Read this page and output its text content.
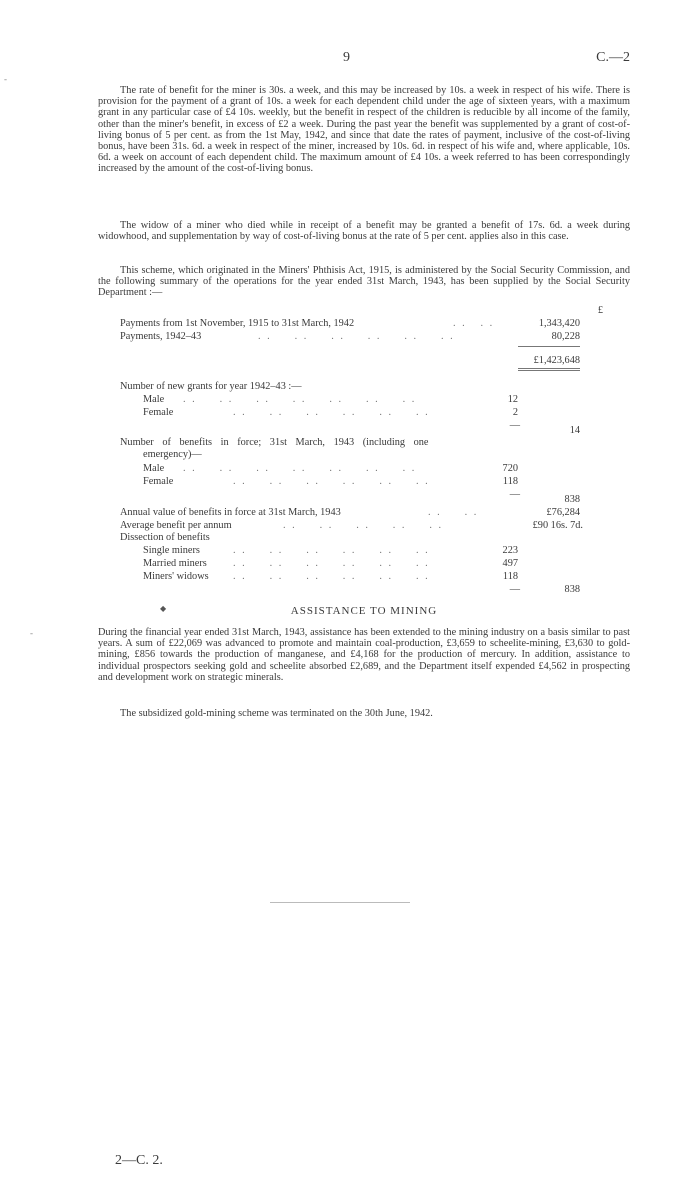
-
-
9	C.—2
The rate of benefit for the miner is 30s. a week, and this may be increased by 10s. a week in respect of his wife. There is provision for the payment of a grant of 10s. a week for each dependent child under the age of sixteen years, with a maximum grant in any particular case of £4 10s. weekly, but the benefit in respect of the children is reducible by all income of the family, other than the miner's benefit, in excess of £2 a week. During the past year the benefit was supplemented by a grant of cost-of-living bonus of 5 per cent. as from the 1st May, 1942, and since that date the rates of payment, inclusive of the cost-of-living bonus, have been 31s. 6d. a week in respect of the miner, increased by 10s. 6d. in respect of his wife and, where applicable, 10s. 6d. a week on account of each dependent child. The maximum amount of £4 10s. a week referred to has been correspondingly increased by the amount of the cost-of-living bonus.
The widow of a miner who died while in receipt of a benefit may be granted a benefit of 17s. 6d. a week during widowhood, and supplementation by way of cost-of-living bonus at the rate of 5 per cent. applies also in this case.
This scheme, which originated in the Miners' Phthisis Act, 1915, is administered by the Social Security Commission, and the following summary of the operations for the year ended 31st March, 1943, has been supplied by the Social Security Department :—
£
Payments from 1st November, 1915 to 31st March, 1942	. .   . .	1,343,420
Payments, 1942–43	. .     . .     . .     . .     . .     . .	80,228
£1,423,648
Number of new grants for year 1942–43 :—
Male . .     . .     . .     . .     . .     . .     . .	12
Female	. .     . .     . .     . .     . .     . .	2
—	14
Number of benefits in force; 31st March, 1943 (including one
emergency)—
Male . .     . .     . .     . .     . .     . .     . .	720
Female	. .     . .     . .     . .     . .     . .	118
—	838
Annual value of benefits in force at 31st March, 1943	. .     . .	£76,284
Average benefit per annum	. .     . .     . .     . .     . .	£90 16s. 7d.
Dissection of benefits
Single miners	. .     . .     . .     . .     . .     . .	223
Married miners	. .     . .     . .     . .     . .     . .	497
Miners' widows . .     . .     . .     . .     . .     . .	118
—	838
◆	ASSISTANCE TO MINING
During the financial year ended 31st March, 1943, assistance has been extended to the mining industry on a basis similar to past years. A sum of £22,069 was advanced to promote and maintain coal-production, £3,659 to scheelite-mining, £3,630 to gold-mining, £856 towards the production of manganese, and £4,168 for the production of mercury. In addition, assistance to individual prospectors seeking gold and scheelite absorbed £2,689, and the Department itself expended £4,562 in prospecting and development work on strategic minerals.
The subsidized gold-mining scheme was terminated on the 30th June, 1942.
2—C. 2.
